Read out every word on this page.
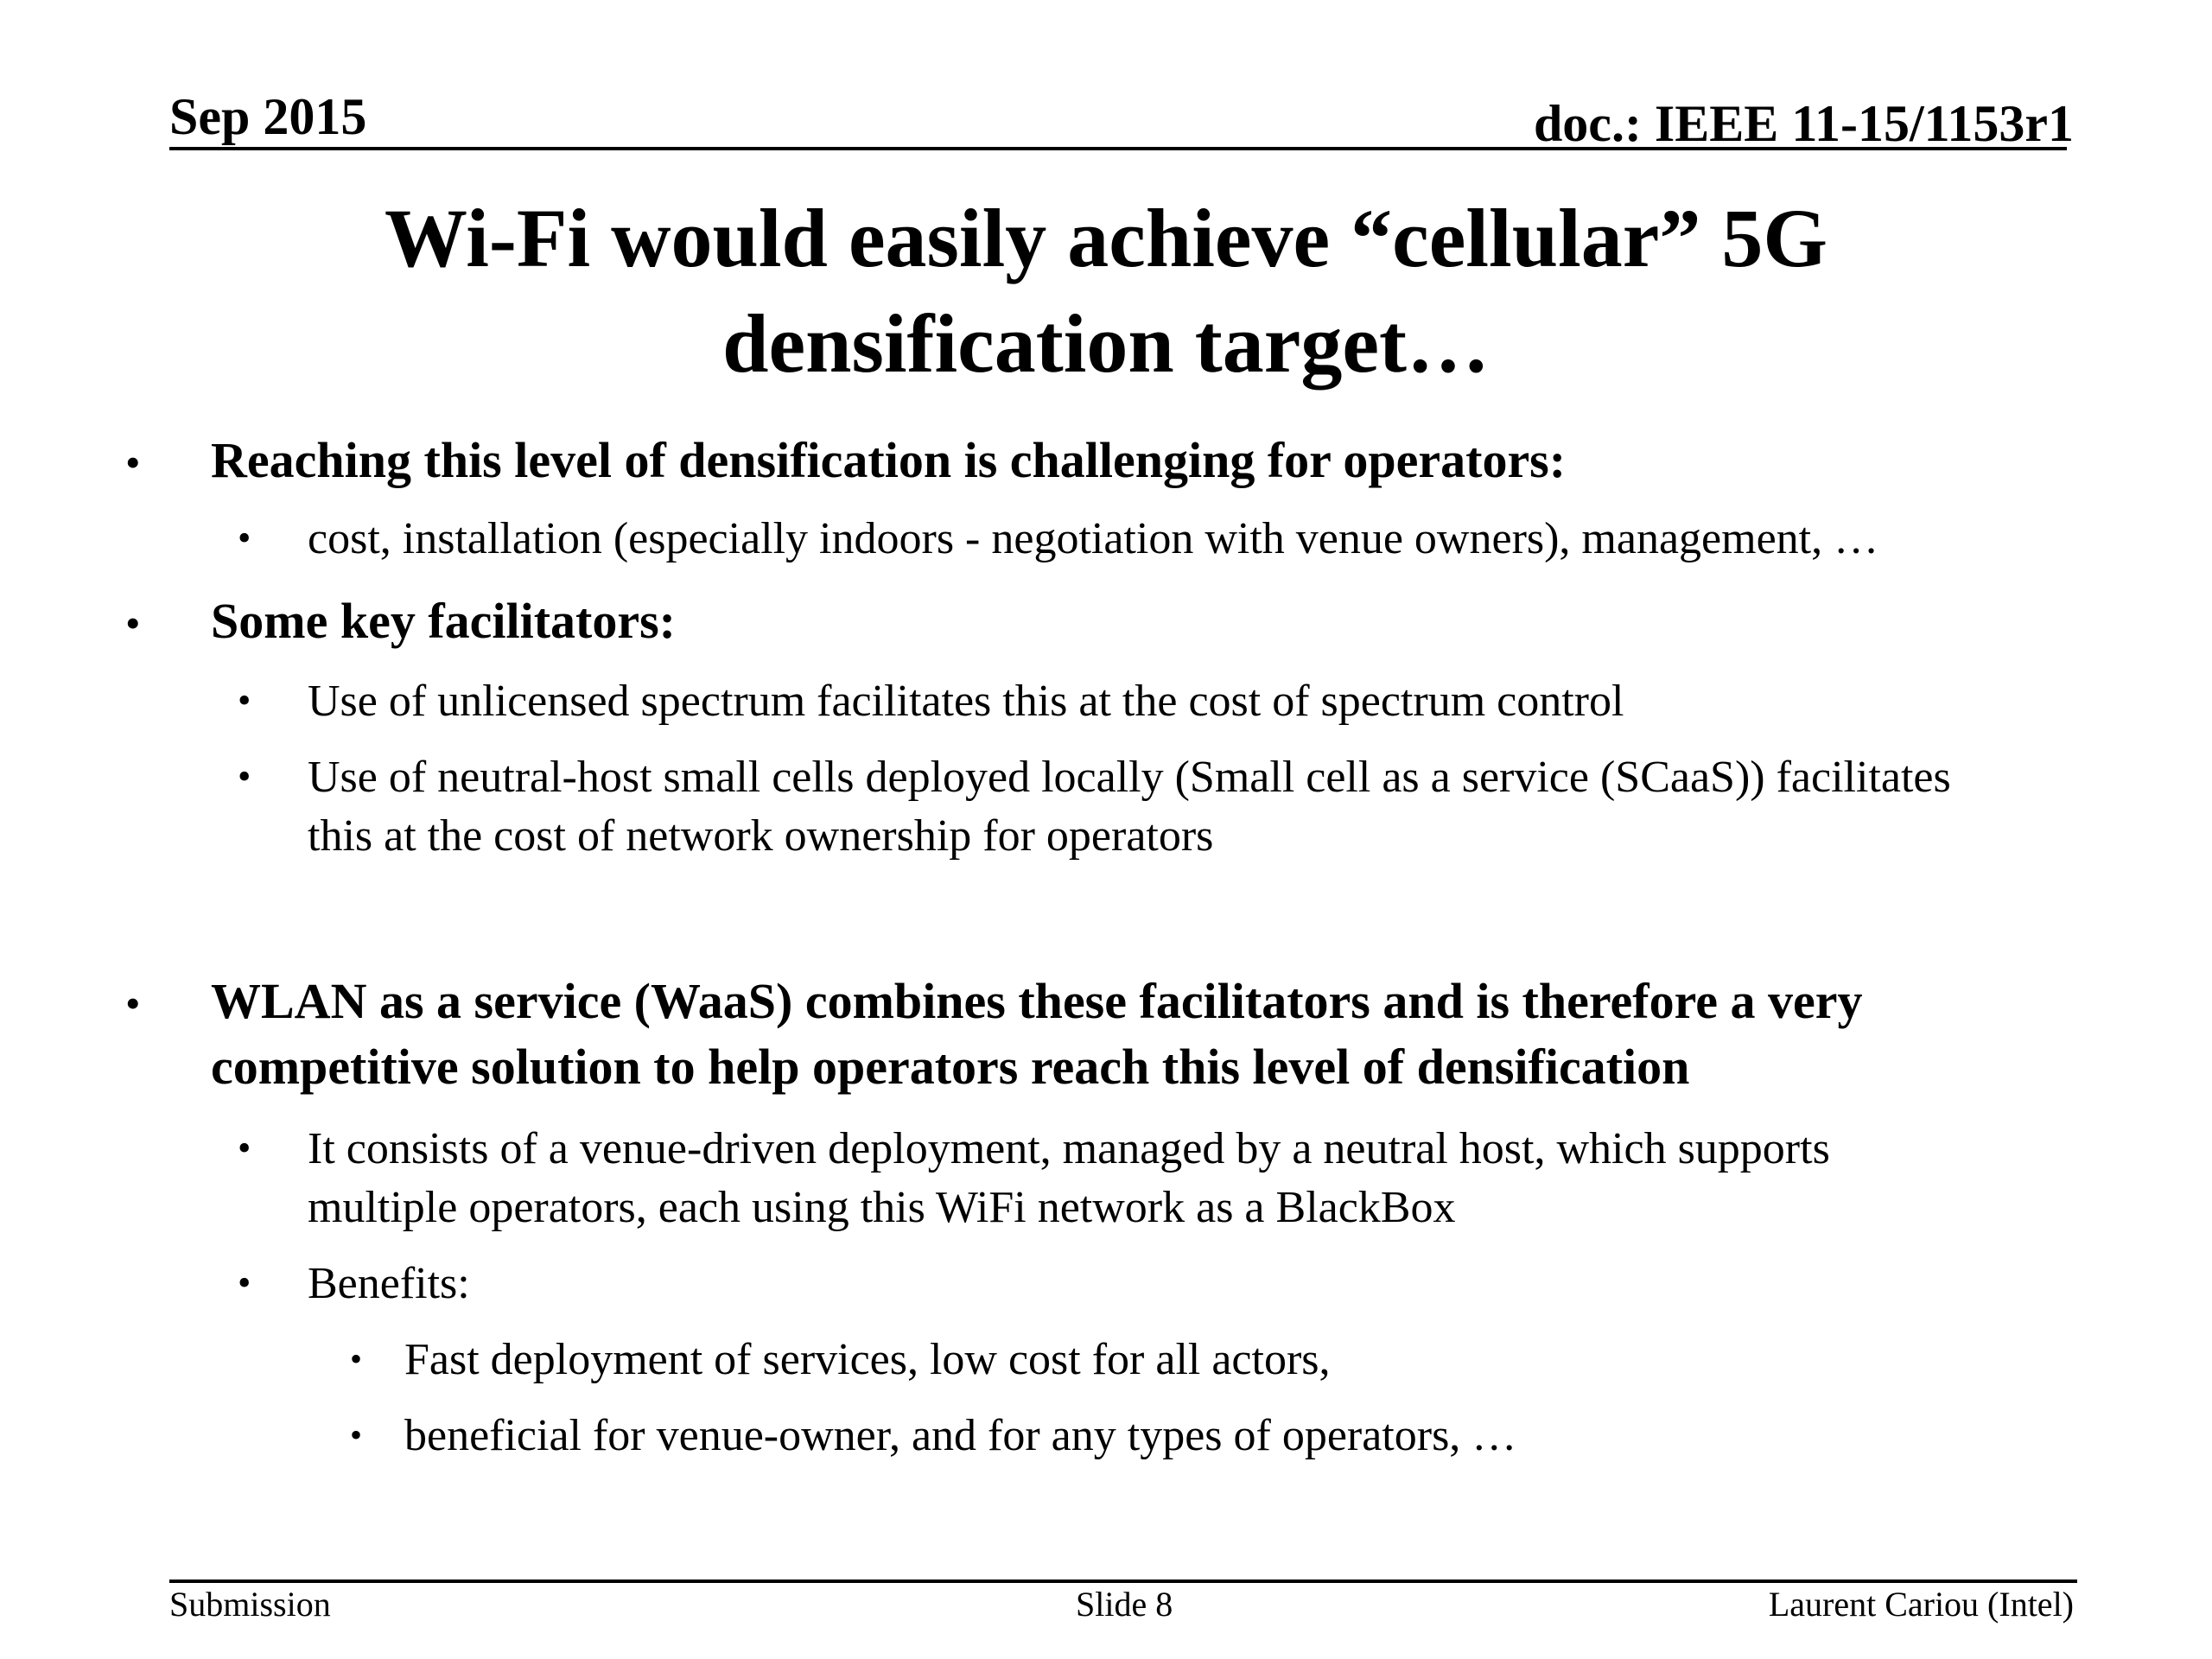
Sep 2015	doc.: IEEE 11-15/1153r1
Wi-Fi would easily achieve “cellular” 5G
densification target…
• Reaching this level of densification is challenging for operators:
• cost, installation (especially indoors - negotiation with venue owners), management, …
• Some key facilitators:
• Use of unlicensed spectrum facilitates this at the cost of spectrum control
• Use of neutral-host small cells deployed locally (Small cell as a service (SCaaS)) facilitates
this at the cost of network ownership for operators
• WLAN as a service (WaaS) combines these facilitators and is therefore a very
competitive solution to help operators reach this level of densification
• It consists of a venue-driven deployment, managed by a neutral host, which supports
multiple operators, each using this WiFi network as a BlackBox
• Benefits:
• Fast deployment of services, low cost for all actors,
• beneficial for venue-owner, and for any types of operators, …
Submission	Slide 8	Laurent Cariou (Intel)
